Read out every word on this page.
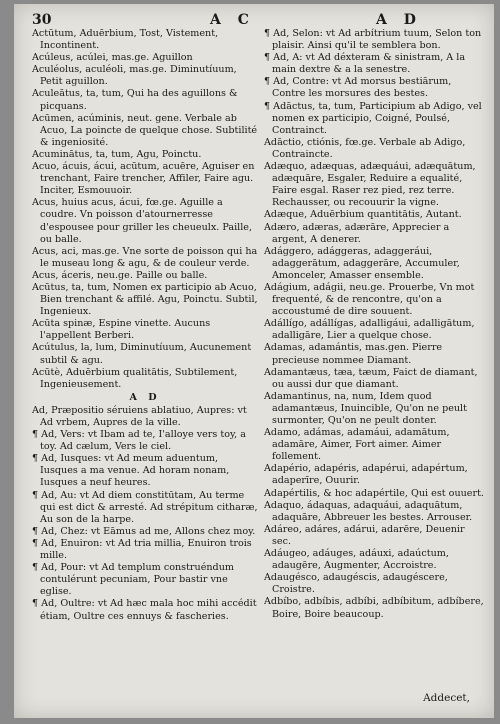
30	A C	A D

Actūtum, Aduērbium, Tost, Vistement, Incontinent.

Acúleus, acúlei, mas.ge. Aguillon

Aculéolus, aculéoli, mas.ge. Diminutíuum, Petit aguillon.

Aculeātus, ta, tum, Qui ha des aguillons & picquans.

Acūmen, acúminis, neut. gene. Verbale ab Acuo, La poincte de quelque chose. Subtilité & ingeniosité.

Acuminātus, ta, tum, Agu, Poinctu.

Acuo, ácuis, ácui, acūtum, acuēre, Aguiser en trenchant, Faire trencher, Affiler, Faire agu. Inciter, Esmouuoir.

Acus, huius acus, ácui, fœ.ge. Aguille a coudre. Vn poisson d'atournerresse d'espousee pour griller les cheueulx. Paille, ou balle.

Acus, aci, mas.ge. Vne sorte de poisson qui ha le museau long & agu, & de couleur verde.

Acus, áceris, neu.ge. Paille ou balle.

Acūtus, ta, tum, Nomen ex participio ab Acuo, Bien trenchant & affilé. Agu, Poinctu. Subtil, Ingenieux.

Acūta spinæ, Espine vinette. Aucuns l'appellent Berberi.

Acútulus, la, lum, Diminutíuum, Aucunement subtil & agu.

Acūtè, Aduērbium qualitātis, Subtilement, Ingenieusement.

A D

Ad, Præpositio séruiens ablatiuo, Aupres: vt Ad vrbem, Aupres de la ville.

¶ Ad, Vers: vt Ibam ad te, I'alloye vers toy, a toy. Ad cælum, Vers le ciel.

¶ Ad, Iusques: vt Ad meum aduentum, Iusques a ma venue. Ad horam nonam, Iusques a neuf heures.

¶ Ad, Au: vt Ad diem constitūtam, Au terme qui est dict & arresté. Ad strépitum citharæ, Au son de la harpe.

¶ Ad, Chez: vt Eāmus ad me, Allons chez moy.

¶ Ad, Enuiron: vt Ad tria millia, Enuiron trois mille.

¶ Ad, Pour: vt Ad templum construéndum contulérunt pecuniam, Pour bastir vne eglise.

¶ Ad, Oultre: vt Ad hæc mala hoc mihi accédit étiam, Oultre ces ennuys & fascheries.

¶ Ad, Selon: vt Ad arbítrium tuum, Selon ton plaisir. Ainsi qu'il te semblera bon.

¶ Ad, A: vt Ad déxteram & sinistram, A la main dextre & a la senestre.

¶ Ad, Contre: vt Ad morsus bestiārum, Contre les morsures des bestes.

¶ Adāctus, ta, tum, Participium ab Adigo, vel nomen ex participio, Coigné, Poulsé, Contrainct.

Adāctio, ctiónis, fœ.ge. Verbale ab Adigo, Contraincte.

Adæquo, adæquas, adæquáui, adæquātum, adæquāre, Esgaler, Reduire a equalité, Faire esgal. Raser rez pied, rez terre. Rechausser, ou recouurir la vigne.

Adæque, Aduērbium quantitātis, Autant.

Adæro, adæras, adærāre, Apprecier a argent, A denerer.

Adággero, adággeras, adaggeráui, adaggerātum, adaggerāre, Accumuler, Amonceler, Amasser ensemble.

Adágium, adágii, neu.ge. Prouerbe, Vn mot frequenté, & de rencontre, qu'on a accoustumé de dire souuent.

Adállígo, adállígas, adalligáui, adalligātum, adalligāre, Lier a quelque chose.

Adamas, adamántis, mas.gen. Pierre precieuse nommee Diamant.

Adamantæus, tæa, tæum, Faict de diamant, ou aussi dur que diamant.

Adamantinus, na, num, Idem quod adamantæus, Inuincible, Qu'on ne peult surmonter, Qu'on ne peult donter.

Adamo, adámas, adamáui, adamātum, adamāre, Aimer, Fort aimer. Aimer follement.

Adapério, adapéris, adapérui, adapértum, adaperīre, Ouurir.

Adapértilis, & hoc adapértile, Qui est ouuert.

Adaquo, ádaquas, adaquáui, adaquātum, adaquāre, Abbreuer les bestes. Arrouser.

Adáreo, adáres, adárui, adarēre, Deuenir sec.

Adáugeo, adáuges, adáuxi, adaúctum, adaugēre, Augmenter, Accroistre.

Adaugésco, adaugéscis, adaugéscere, Croistre.

Adbíbo, adbíbis, adbíbi, adbíbitum, adbíbere, Boire, Boire beaucoup.

Addecet,
